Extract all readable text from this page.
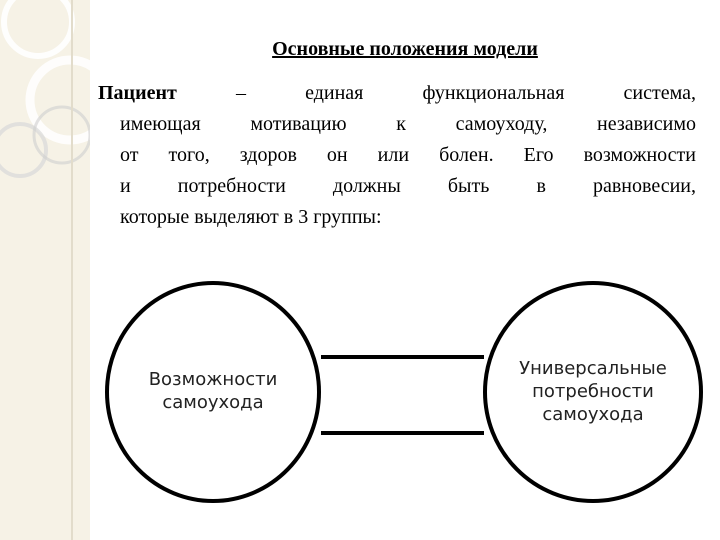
Основные положения модели
Пациент	– единая функциональная система,
имеющая мотивацию к самоуходу, независимо
от того, здоров он или болен. Его возможности
и потребности должны быть в равновесии,
которые выделяют в 3 группы:
Возможности
самоухода
Универсальные
потребности
самоухода
